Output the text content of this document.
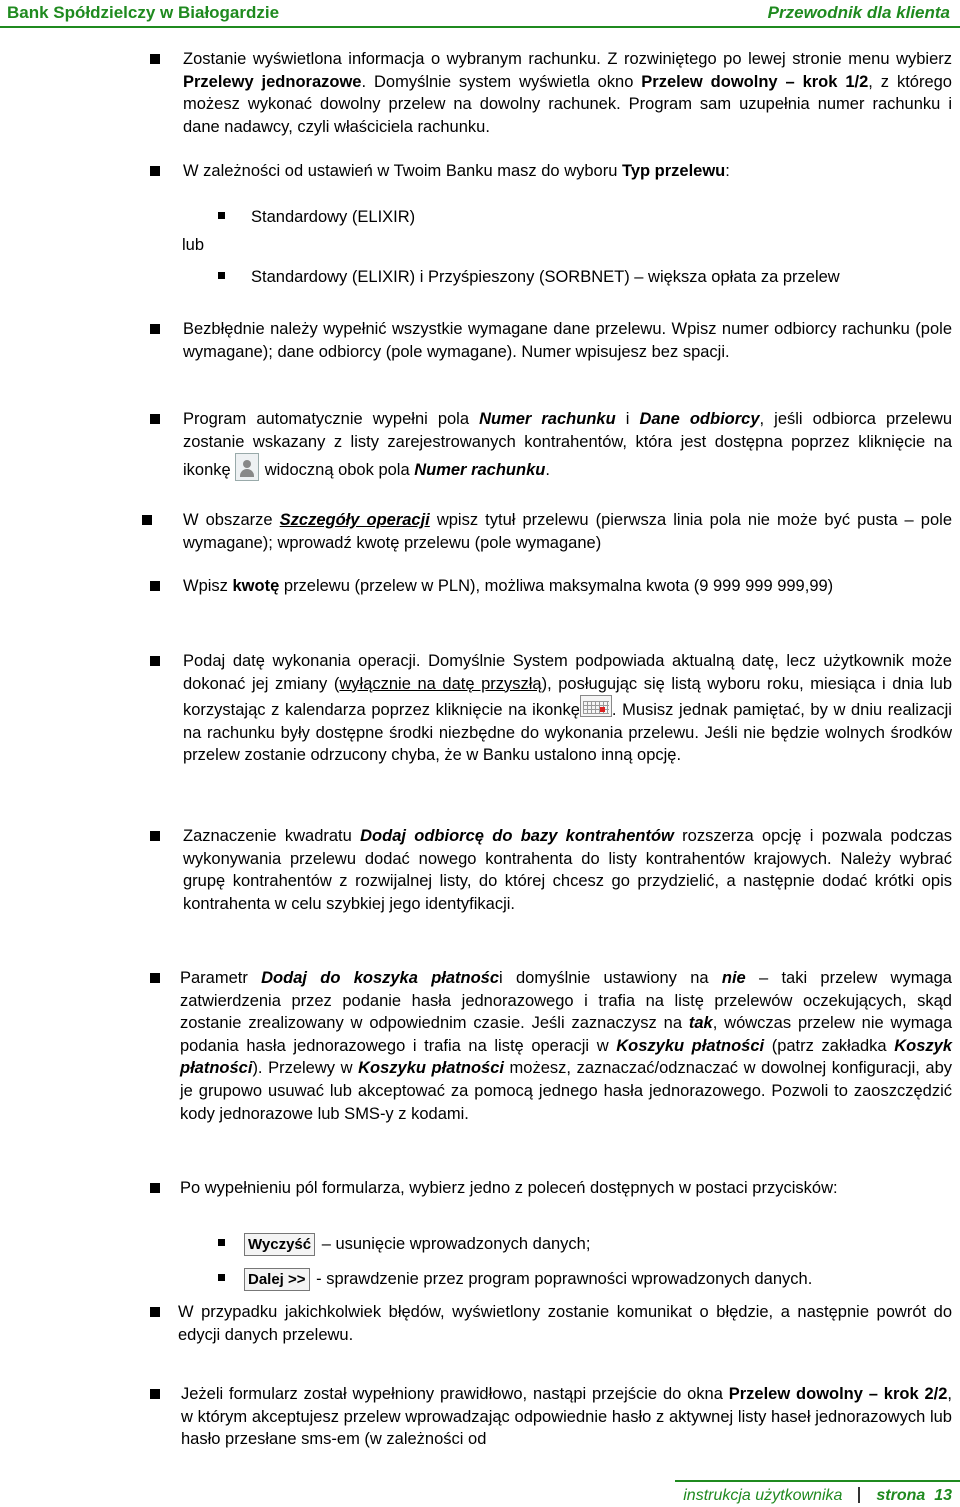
Bank Spółdzielczy w Białogardzie	Przewodnik dla klienta
Zostanie wyświetlona informacja o wybranym rachunku. Z rozwiniętego po lewej stronie menu wybierz Przelewy jednorazowe. Domyślnie system wyświetla okno Przelew dowolny – krok 1/2, z którego możesz wykonać dowolny przelew na dowolny rachunek. Program sam uzupełnia numer rachunku i dane nadawcy, czyli właściciela rachunku.
W zależności od ustawień w Twoim Banku masz do wyboru Typ przelewu:
Standardowy (ELIXIR)
lub
Standardowy (ELIXIR) i Przyśpieszony (SORBNET) – większa opłata za przelew
Bezbłędnie należy wypełnić wszystkie wymagane dane przelewu. Wpisz numer odbiorcy rachunku (pole wymagane); dane odbiorcy (pole wymagane). Numer wpisujesz bez spacji.
Program automatycznie wypełni pola Numer rachunku i Dane odbiorcy, jeśli odbiorca przelewu zostanie wskazany z listy zarejestrowanych kontrahentów, która jest dostępna poprzez kliknięcie na ikonkę widoczną obok pola Numer rachunku.
W obszarze Szczegóły operacji wpisz tytuł przelewu (pierwsza linia pola nie może być pusta – pole wymagane); wprowadź kwotę przelewu (pole wymagane)
Wpisz kwotę przelewu (przelew w PLN), możliwa maksymalna kwota (9 999 999 999,99)
Podaj datę wykonania operacji. Domyślnie System podpowiada aktualną datę, lecz użytkownik może dokonać jej zmiany (wyłącznie na datę przyszłą), posługując się listą wyboru roku, miesiąca i dnia lub korzystając z kalendarza poprzez kliknięcie na ikonkę . Musisz jednak pamiętać, by w dniu realizacji na rachunku były dostępne środki niezbędne do wykonania przelewu. Jeśli nie będzie wolnych środków przelew zostanie odrzucony chyba, że w Banku ustalono inną opcję.
Zaznaczenie kwadratu Dodaj odbiorcę do bazy kontrahentów rozszerza opcję i pozwala podczas wykonywania przelewu dodać nowego kontrahenta do listy kontrahentów krajowych. Należy wybrać grupę kontrahentów z rozwijalnej listy, do której chcesz go przydzielić, a następnie dodać krótki opis kontrahenta w celu szybkiej jego identyfikacji.
Parametr Dodaj do koszyka płatności domyślnie ustawiony na nie – taki przelew wymaga zatwierdzenia przez podanie hasła jednorazowego i trafia na listę przelewów oczekujących, skąd zostanie zrealizowany w odpowiednim czasie. Jeśli zaznaczysz na tak, wówczas przelew nie wymaga podania hasła jednorazowego i trafia na listę operacji w Koszyku płatności (patrz zakładka Koszyk płatności). Przelewy w Koszyku płatności możesz, zaznaczać/odznaczać w dowolnej konfiguracji, aby je grupowo usuwać lub akceptować za pomocą jednego hasła jednorazowego. Pozwoli to zaoszczędzić kody jednorazowe lub SMS-y z kodami.
Po wypełnieniu pól formularza, wybierz jedno z poleceń dostępnych w postaci przycisków:
Wyczyść – usunięcie wprowadzonych danych;
Dalej >> - sprawdzenie przez program poprawności wprowadzonych danych.
W przypadku jakichkolwiek błędów, wyświetlony zostanie komunikat o błędzie, a następnie powrót do edycji danych przelewu.
Jeżeli formularz został wypełniony prawidłowo, nastąpi przejście do okna Przelew dowolny – krok 2/2, w którym akceptujesz przelew wprowadzając odpowiednie hasło z aktywnej listy haseł jednorazowych lub hasło przesłane sms-em (w zależności od
instrukcja użytkownika strona 13
